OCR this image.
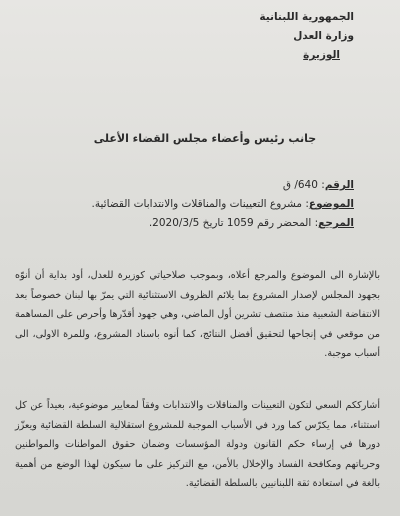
الجمهورية اللبنانية
وزارة العدل
الوزيرة
جانب رئيس وأعضاء مجلس القضاء الأعلى
الرقم: 640/ ق
الموضوع: مشروع التعيينات والمناقلات والانتدابات القضائية.
المرجع: المحضر رقم 1059 تاريخ 2020/3/5.
بالإشارة الى الموضوع والمرجع أعلاه، وبموجب صلاحياتي كوزيرة للعدل، أود بداية أن أنوّه بجهود المجلس لإصدار المشروع بما يلائم الظروف الاستثنائية التي يمرّ بها لبنان خصوصاً بعد الانتفاضة الشعبية منذ منتصف تشرين أول الماضي، وهي جهود أقدّرها وأحرص على المساهمة من موقعي في إنجاحها لتحقيق أفضل النتائج، كما أنوه باسناد المشروع، وللمرة الاولى، الى أسباب موجبة.
أشارككم السعي لتكون التعيينات والمناقلات والانتدابات وفقاً لمعايير موضوعية، بعيداً عن كل استثناء، مما يكرّس كما ورد في الأسباب الموجبة للمشروع استقلالية السلطة القضائية ويعزّز دورها في إرساء حكم القانون ودولة المؤسسات وضمان حقوق المواطنات والمواطنين وحرياتهم ومكافحة الفساد والإخلال بالأمن، مع التركيز على ما سيكون لهذا الوضع من أهمية بالغة في استعادة ثقة اللبنانيين بالسلطة القضائية.
